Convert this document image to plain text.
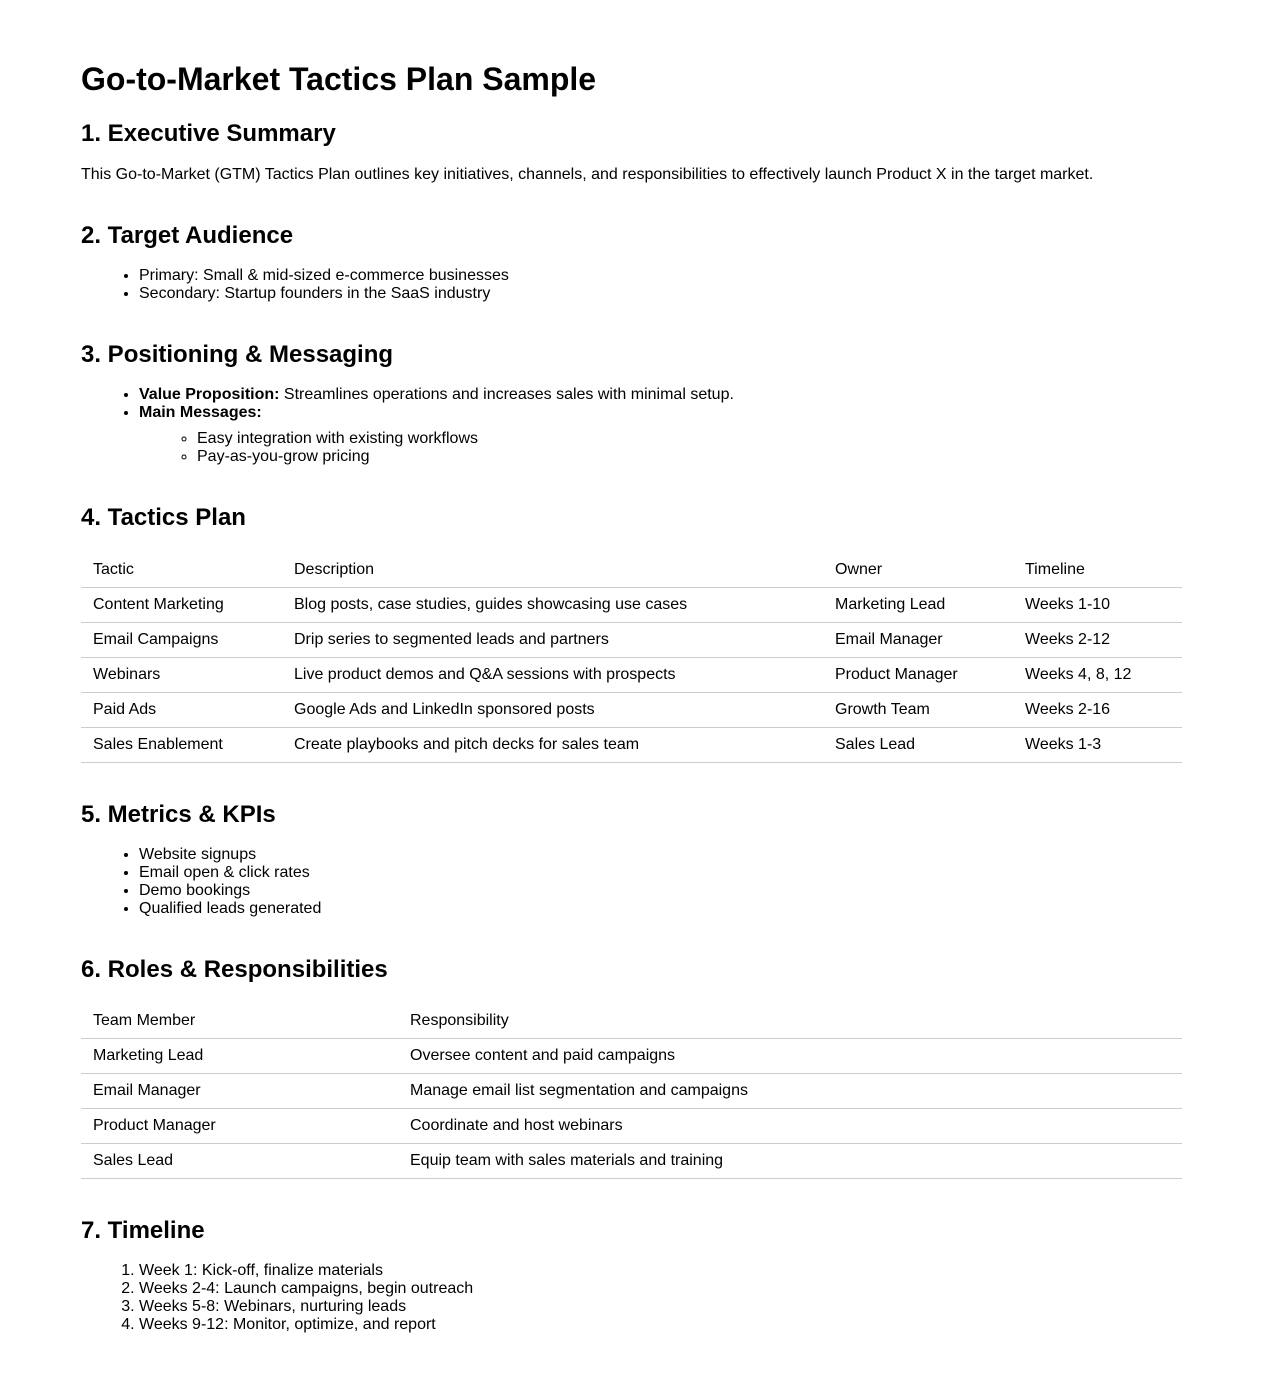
Go-to-Market Tactics Plan Sample
1. Executive Summary

This Go-to-Market (GTM) Tactics Plan outlines key initiatives, channels, and responsibilities to effectively launch Product X in the target market.

2. Target Audience
• Primary: Small & mid-sized e-commerce businesses
• Secondary: Startup founders in the SaaS industry
3. Positioning & Messaging
• Value Proposition: Streamlines operations and increases sales with minimal setup.
• Main Messages:
◦ Easy integration with existing workflows
◦ Pay-as-you-grow pricing
4. Tactics Plan
Tactic	Description	Owner	Timeline
Content Marketing	Blog posts, case studies, guides showcasing use cases	Marketing Lead	Weeks 1-10
Email Campaigns	Drip series to segmented leads and partners	Email Manager	Weeks 2-12
Webinars	Live product demos and Q&A sessions with prospects	Product Manager	Weeks 4, 8, 12
Paid Ads	Google Ads and LinkedIn sponsored posts	Growth Team	Weeks 2-16
Sales Enablement	Create playbooks and pitch decks for sales team	Sales Lead	Weeks 1-3
5. Metrics & KPIs
• Website signups
• Email open & click rates
• Demo bookings
• Qualified leads generated
6. Roles & Responsibilities
Team Member	Responsibility
Marketing Lead	Oversee content and paid campaigns
Email Manager	Manage email list segmentation and campaigns
Product Manager	Coordinate and host webinars
Sales Lead	Equip team with sales materials and training
7. Timeline
1. Week 1: Kick-off, finalize materials
2. Weeks 2-4: Launch campaigns, begin outreach
3. Weeks 5-8: Webinars, nurturing leads
4. Weeks 9-12: Monitor, optimize, and report
